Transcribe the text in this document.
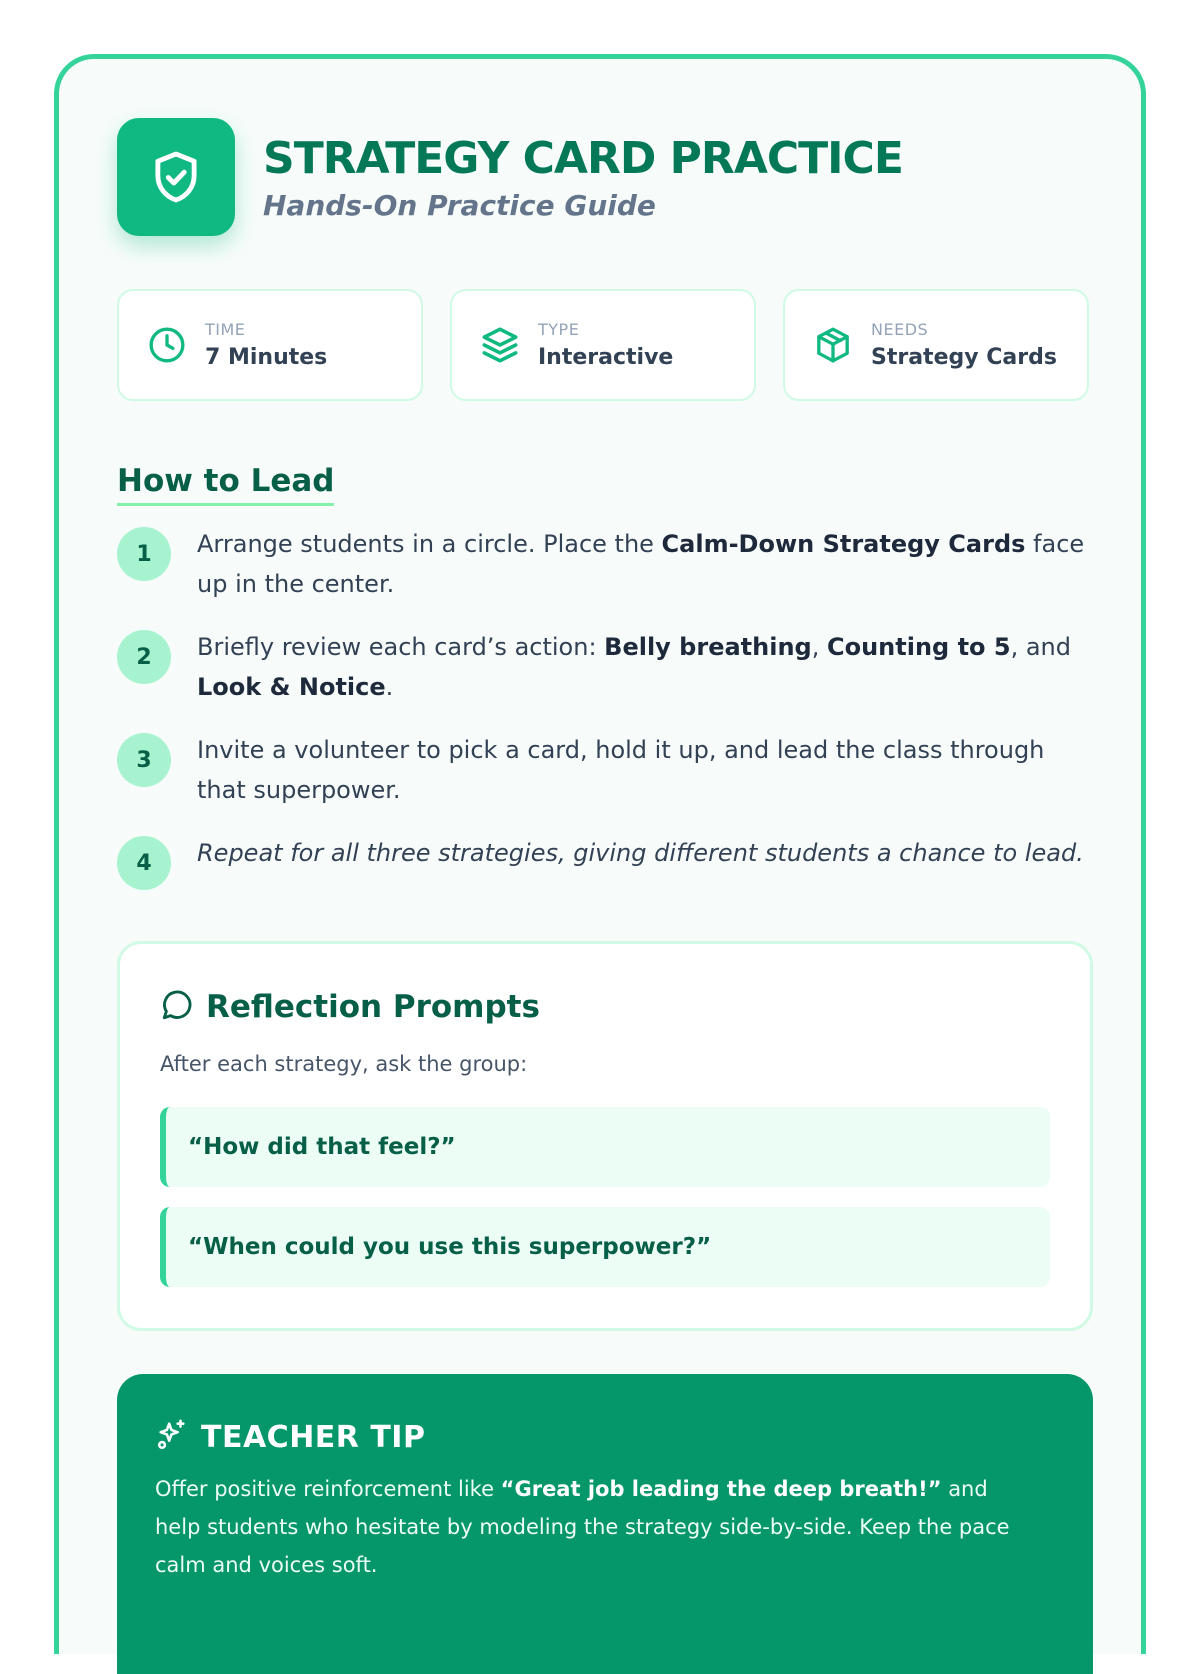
STRATEGY CARD PRACTICE
Hands-On Practice Guide
TIME
7 Minutes
TYPE
Interactive
NEEDS
Strategy Cards
How to Lead
1	Arrange students in a circle. Place the Calm-Down Strategy Cards face up in the center.
2	Briefly review each card’s action: Belly breathing, Counting to 5, and Look & Notice.
3	Invite a volunteer to pick a card, hold it up, and lead the class through that superpower.
4	Repeat for all three strategies, giving different students a chance to lead.
Reflection Prompts
After each strategy, ask the group:
“How did that feel?”
“When could you use this superpower?”
TEACHER TIP
Offer positive reinforcement like “Great job leading the deep breath!” and help students who hesitate by modeling the strategy side-by-side. Keep the pace calm and voices soft.
